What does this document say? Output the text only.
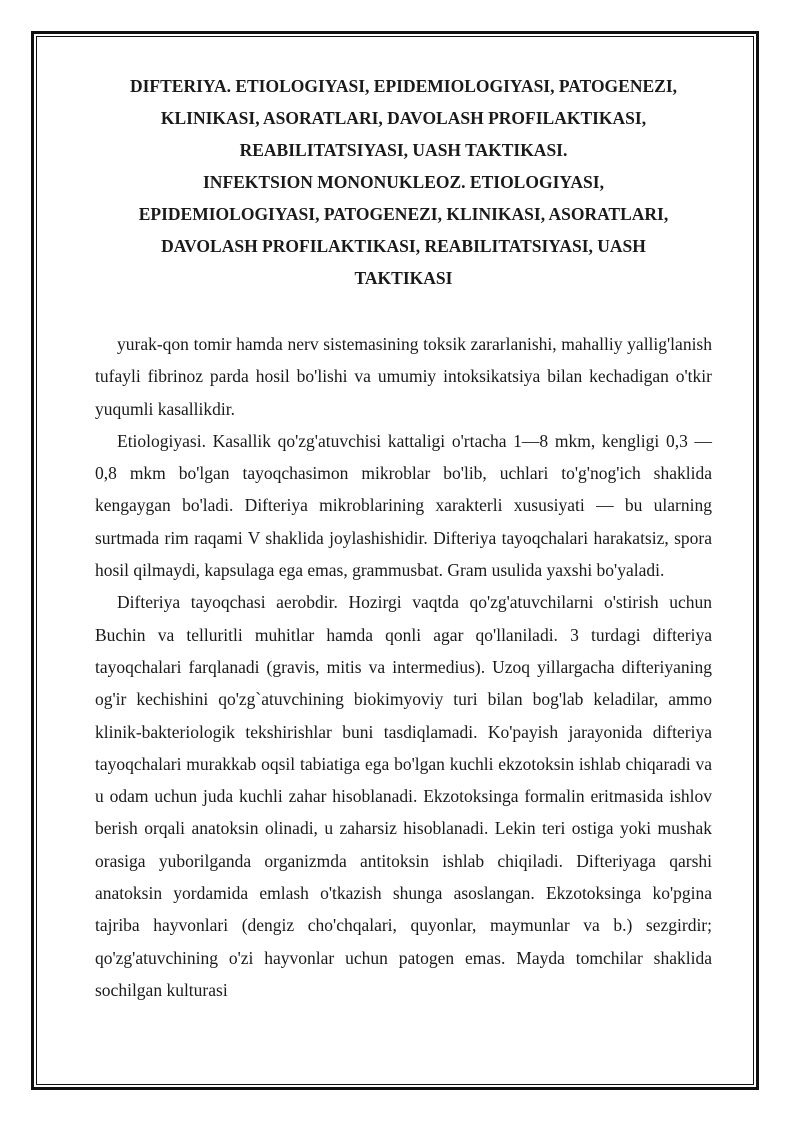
DIFTERIYA. ETIOLOGIYASI, EPIDEMIOLOGIYASI, PATOGENEZI,
KLINIKASI, ASORATLARI, DAVOLASH PROFILAKTIKASI,
REABILITATSIYASI, UASH TAKTIKASI.
INFEKTSION MONONUKLEOZ. ETIOLOGIYASI,
EPIDEMIOLOGIYASI, PATOGENEZI, KLINIKASI, ASORATLARI,
DAVOLASH PROFILAKTIKASI, REABILITATSIYASI, UASH
TAKTIKASI

yurak-qon tomir hamda nerv sistemasining toksik zararlanishi, mahalliy yallig'lanish tufayli fibrinoz parda hosil bo'lishi va umumiy intoksikatsiya bilan kechadigan o'tkir yuqumli kasallikdir.

Etiologiyasi. Kasallik qo'zg'atuvchisi kattaligi o'rtacha 1—8 mkm, kengligi 0,3 —0,8 mkm bo'lgan tayoqchasimon mikroblar bo'lib, uchlari to'g'nog'ich shaklida kengaygan bo'ladi. Difteriya mikroblarining xarakterli xususiyati — bu ularning surtmada rim raqami V shaklida joylashishidir. Difteriya tayoqchalari harakatsiz, spora hosil qilmaydi, kapsulaga ega emas, grammusbat. Gram usulida yaxshi bo'yaladi.

Difteriya tayoqchasi aerobdir. Hozirgi vaqtda qo'zg'atuvchilarni o'stirish uchun Buchin va telluritli muhitlar hamda qonli agar qo'llaniladi. 3 turdagi difteriya tayoqchalari farqlanadi (gravis, mitis va intermedius). Uzoq yillargacha difteriyaning og'ir kechishini qo'zg`atuvchining biokimyoviy turi bilan bog'lab keladilar, ammo klinik-bakteriologik tekshirishlar buni tasdiqlamadi. Ko'payish jarayonida difteriya tayoqchalari murakkab oqsil tabiatiga ega bo'lgan kuchli ekzotoksin ishlab chiqaradi va u odam uchun juda kuchli zahar hisoblanadi. Ekzotoksinga formalin eritmasida ishlov berish orqali anatoksin olinadi, u zaharsiz hisoblanadi. Lekin teri ostiga yoki mushak orasiga yuborilganda organizmda antitoksin ishlab chiqiladi. Difteriyaga qarshi anatoksin yordamida emlash o'tkazish shunga asoslangan. Ekzotoksinga ko'pgina tajriba hayvonlari (dengiz cho'chqalari, quyonlar, maymunlar va b.) sezgirdir; qo'zg'atuvchining o'zi hayvonlar uchun patogen emas. Mayda tomchilar shaklida sochilgan kulturasi
